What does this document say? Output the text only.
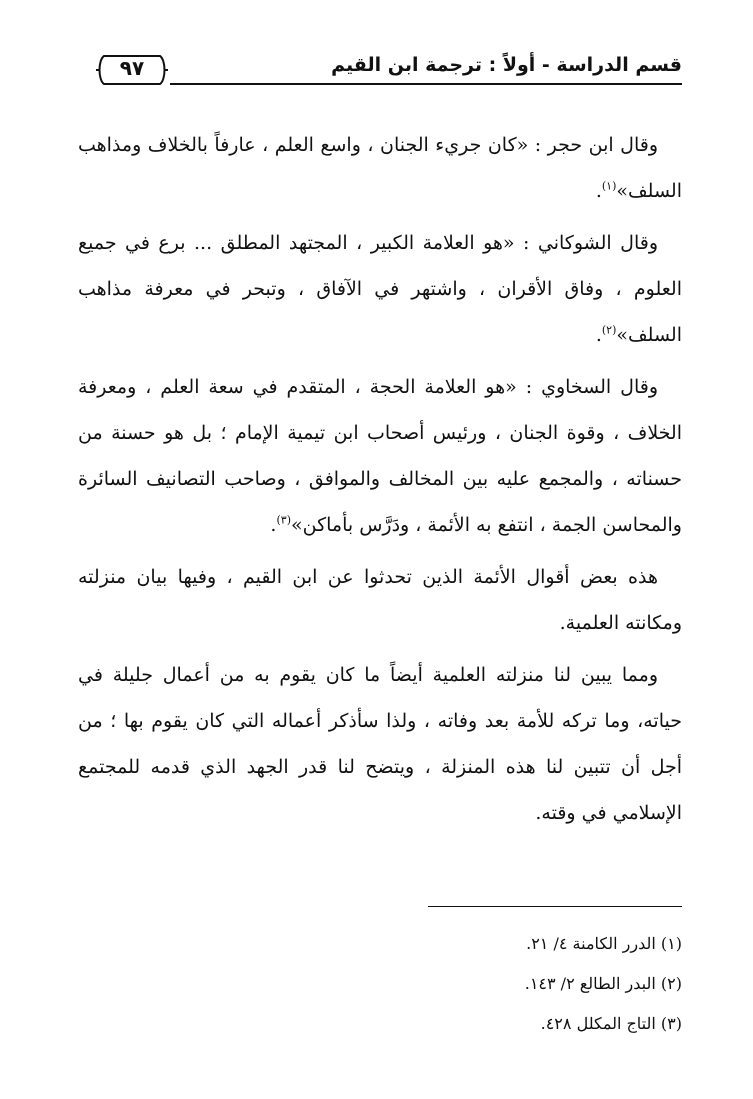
٩٧	قسم الدراسة - أولاً : ترجمة ابن القيم

وقال ابن حجر : «كان جريء الجنان ، واسع العلم ، عارفاً بالخلاف ومذاهب السلف»$^{(١)}$.

وقال الشوكاني : «هو العلامة الكبير ، المجتهد المطلق ... برع في جميع العلوم ، وفاق الأقران ، واشتهر في الآفاق ، وتبحر في معرفة مذاهب السلف»$^{(٢)}$.

وقال السخاوي : «هو العلامة الحجة ، المتقدم في سعة العلم ، ومعرفة الخلاف ، وقوة الجنان ، ورئيس أصحاب ابن تيمية الإمام ؛ بل هو حسنة من حسناته ، والمجمع عليه بين المخالف والموافق ، وصاحب التصانيف السائرة والمحاسن الجمة ، انتفع به الأئمة ، ودَرَّس بأماكن»$^{(٣)}$.

هذه بعض أقوال الأئمة الذين تحدثوا عن ابن القيم ، وفيها بيان منزلته ومكانته العلمية.

ومما يبين لنا منزلته العلمية أيضاً ما كان يقوم به من أعمال جليلة في حياته، وما تركه للأمة بعد وفاته ، ولذا سأذكر أعماله التي كان يقوم بها ؛ من أجل أن تتبين لنا هذه المنزلة ، ويتضح لنا قدر الجهد الذي قدمه للمجتمع الإسلامي في وقته.

(١) الدرر الكامنة ٤/ ٢١.
(٢) البدر الطالع ٢/ ١٤٣.
(٣) التاج المكلل ٤٢٨.
